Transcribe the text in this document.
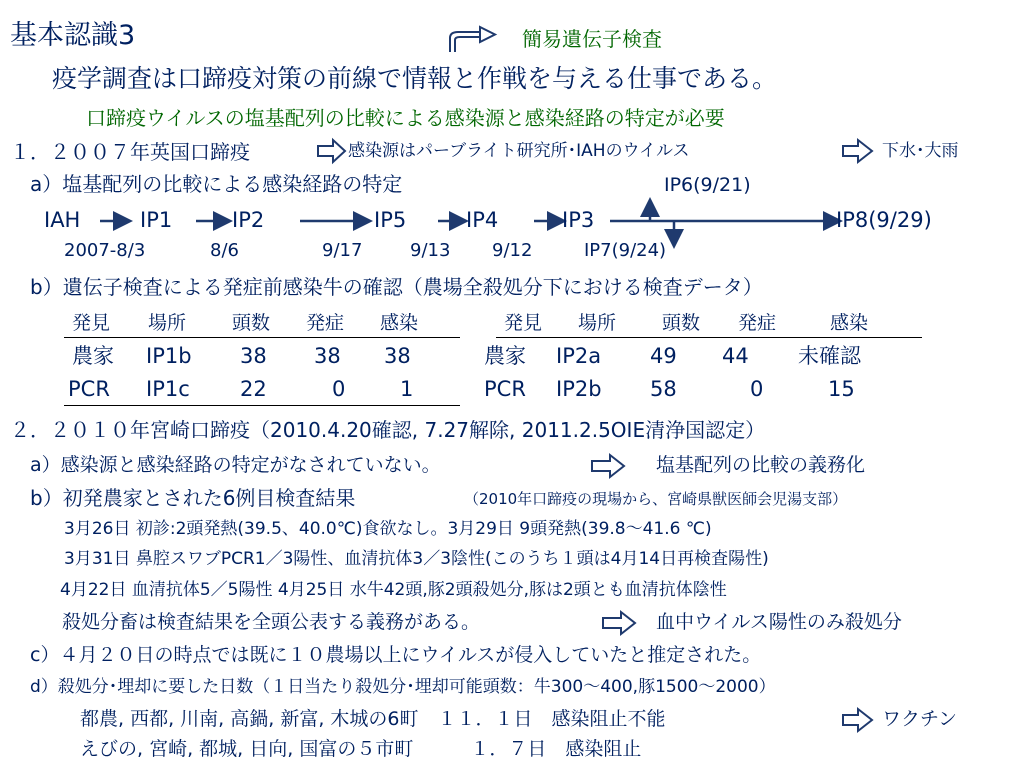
基本認識3	簡易遺伝子検査
疫学調査は口蹄疫対策の前線で情報と作戦を与える仕事である。
口蹄疫ウイルスの塩基配列の比較による感染源と感染経路の特定が必要
１．２００７年英国口蹄疫	感染源はパーブライト研究所･IAHのウイルス	下水･大雨
a）塩基配列の比較による感染経路の特定	IP6(9/21)
IAH	IP1	IP2	IP5	IP4	IP3	IP8(9/29)
2007-8/3	8/6	9/17	9/13 9/12	IP7(9/24)
b）遺伝子検査による発症前感染牛の確認（農場全殺処分下における検査データ）
発見 場所 頭数 発症 感染
農家 IP1b 38 38 38
PCR IP1c 22	0	1
発見 場所 頭数 発症	感染
農家 IP2a 49 44 未確認
PCR IP2b 58	0	15
２．２０１０年宮崎口蹄疫（2010.4.20確認, 7.27解除, 2011.2.5OIE清浄国認定）
a）感染源と感染経路の特定がなされていない。	塩基配列の比較の義務化
b）初発農家とされた6例目検査結果	（2010年口蹄疫の現場から、宮崎県獣医師会児湯支部）
3月26日 初診:2頭発熱(39.5、40.0℃)食欲なし。3月29日 9頭発熱(39.8～41.6 ℃)
3月31日 鼻腔スワブPCR1／3陽性、血清抗体3／3陰性(このうち１頭は4月14日再検査陽性)
4月22日 血清抗体5／5陽性 4月25日 水牛42頭,豚2頭殺処分,豚は2頭とも血清抗体陰性
殺処分畜は検査結果を全頭公表する義務がある。	血中ウイルス陽性のみ殺処分
c）４月２０日の時点では既に１０農場以上にウイルスが侵入していたと推定された。
d）殺処分･埋却に要した日数（１日当たり殺処分･埋却可能頭数：牛300～400,豚1500～2000）
都農, 西都, 川南, 高鍋, 新富, 木城の6町　１１．１日　感染阻止不能	ワクチン
えびの, 宮崎, 都城, 日向, 国富の５市町　　　１．７日　感染阻止
